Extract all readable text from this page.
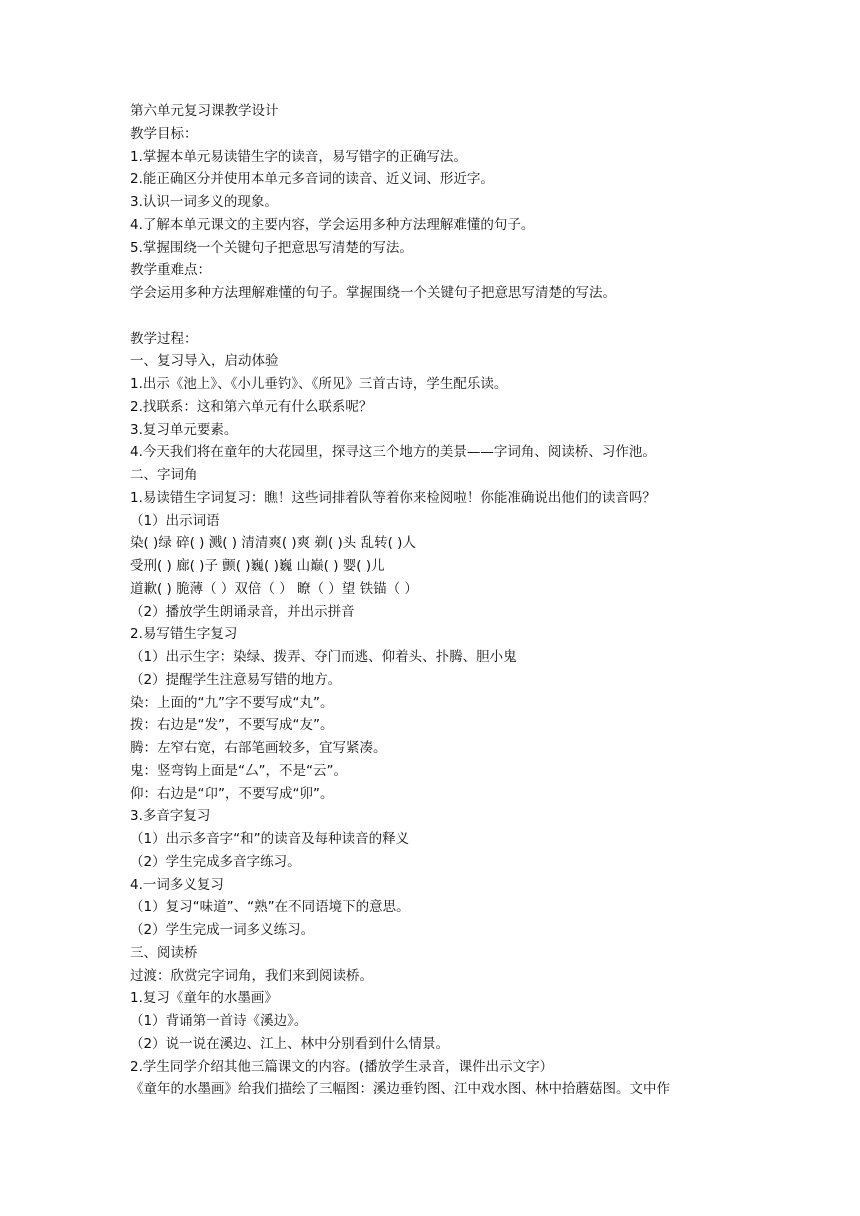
第六单元复习课教学设计
教学目标：
1.掌握本单元易读错生字的读音，易写错字的正确写法。
2.能正确区分并使用本单元多音词的读音、近义词、形近字。
3.认识一词多义的现象。
4.了解本单元课文的主要内容，学会运用多种方法理解难懂的句子。
5.掌握围绕一个关键句子把意思写清楚的写法。
教学重难点：
学会运用多种方法理解难懂的句子。掌握围绕一个关键句子把意思写清楚的写法。
教学过程：
一、复习导入，启动体验
1.出示《池上》、《小儿垂钓》、《所见》三首古诗，学生配乐读。
2.找联系：这和第六单元有什么联系呢？
3.复习单元要素。
4.今天我们将在童年的大花园里，探寻这三个地方的美景——字词角、阅读桥、习作池。
二、字词角
1.易读错生字词复习：瞧！这些词排着队等着你来检阅啦！你能准确说出他们的读音吗？
（1）出示词语
染( )绿 碎( ) 溅( ) 清清爽( )爽 剃( )头 乱转( )人
受刑( ) 廊( )子 颤( )巍( )巍 山巅( ) 婴( )儿
道歉( ) 脆薄（ ）双倍（ ） 瞭（ ）望 铁锚（ ）
（2）播放学生朗诵录音，并出示拼音
2.易写错生字复习
（1）出示生字：染绿、拨弄、夺门而逃、仰着头、扑腾、胆小鬼
（2）提醒学生注意易写错的地方。
染：上面的“九”字不要写成“丸”。
拨：右边是“发”，不要写成“友”。
腾：左窄右宽，右部笔画较多，宜写紧凑。
鬼：竖弯钩上面是“厶”，不是“云”。
仰：右边是“卬”，不要写成“卯”。
3.多音字复习
（1）出示多音字“和”的读音及每种读音的释义
（2）学生完成多音字练习。
4.一词多义复习
（1）复习“味道”、“熟”在不同语境下的意思。
（2）学生完成一词多义练习。
三、阅读桥
过渡：欣赏完字词角，我们来到阅读桥。
1.复习《童年的水墨画》
（1）背诵第一首诗《溪边》。
（2）说一说在溪边、江上、林中分别看到什么情景。
2.学生同学介绍其他三篇课文的内容。(播放学生录音，课件出示文字）
《童年的水墨画》给我们描绘了三幅图：溪边垂钓图、江中戏水图、林中拾蘑菇图。文中作
